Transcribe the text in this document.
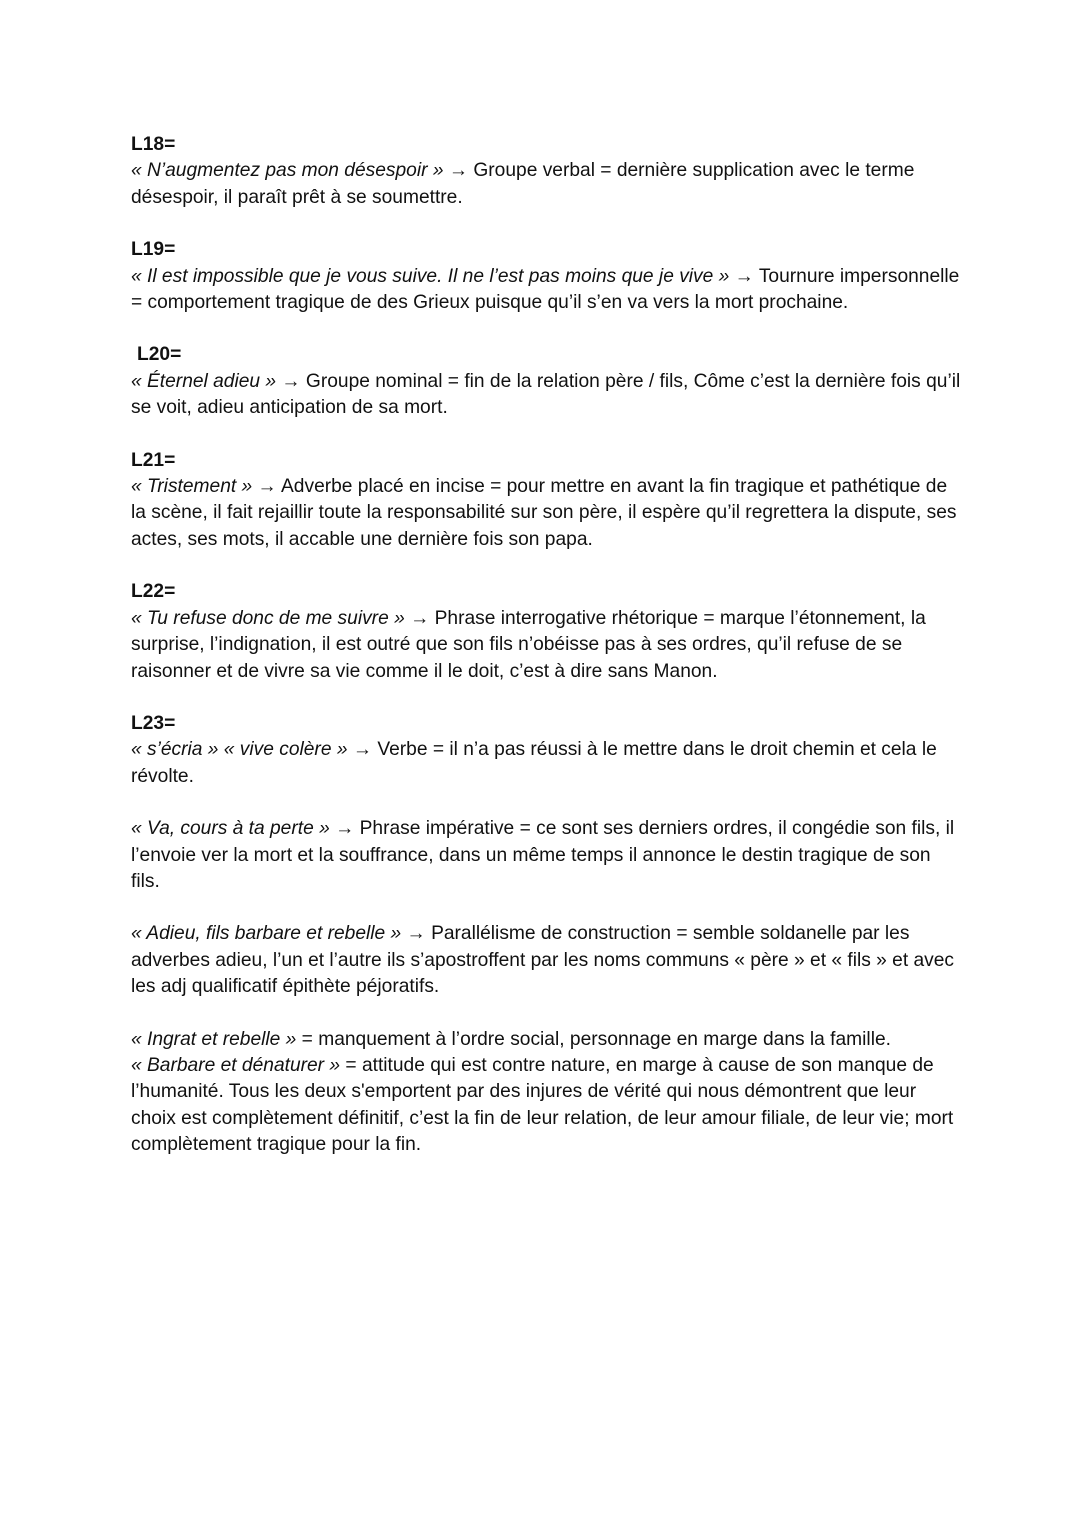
L18=
« N’augmentez pas mon désespoir » → Groupe verbal = dernière supplication avec le terme désespoir, il paraît prêt à se soumettre.
L19=
« Il est impossible que je vous suive. Il ne l’est pas moins que je vive » → Tournure impersonnelle = comportement tragique de des Grieux puisque qu’il s’en va vers la mort prochaine.
L20=
« Éternel adieu » → Groupe nominal = fin de la relation père / fils, Côme c’est la dernière fois qu’il se voit, adieu anticipation de sa mort.
L21=
« Tristement » → Adverbe placé en incise = pour mettre en avant la fin tragique et pathétique de la scène, il fait rejaillir toute la responsabilité sur son père, il espère qu’il regrettera la dispute, ses actes, ses mots, il accable une dernière fois son papa.
L22=
« Tu refuse donc de me suivre » → Phrase interrogative rhétorique = marque l’étonnement, la surprise, l’indignation, il est outré que son fils n’obéisse pas à ses ordres, qu’il refuse de se raisonner et de vivre sa vie comme il le doit, c’est à dire sans Manon.
L23=
« s’écria » « vive colère » → Verbe = il n’a pas réussi à le mettre dans le droit chemin et cela le révolte.
« Va, cours à ta perte » → Phrase impérative = ce sont ses derniers ordres, il congédie son fils, il l’envoie ver la mort et la souffrance, dans un même temps il annonce le destin tragique de son fils.
« Adieu, fils barbare et rebelle » → Parallélisme de construction = semble soldanelle par les adverbes adieu, l’un et l’autre ils s’apostroffent par les noms communs « père » et « fils » et avec les adj qualificatif épithète péjoratifs.
« Ingrat et rebelle » = manquement à l’ordre social, personnage en marge dans la famille.
« Barbare et dénaturer » = attitude qui est contre nature, en marge à cause de son manque de l’humanité. Tous les deux s'emportent par des injures de vérité qui nous démontrent que leur choix est complètement définitif, c’est la fin de leur relation, de leur amour filiale, de leur vie; mort complètement tragique pour la fin.
